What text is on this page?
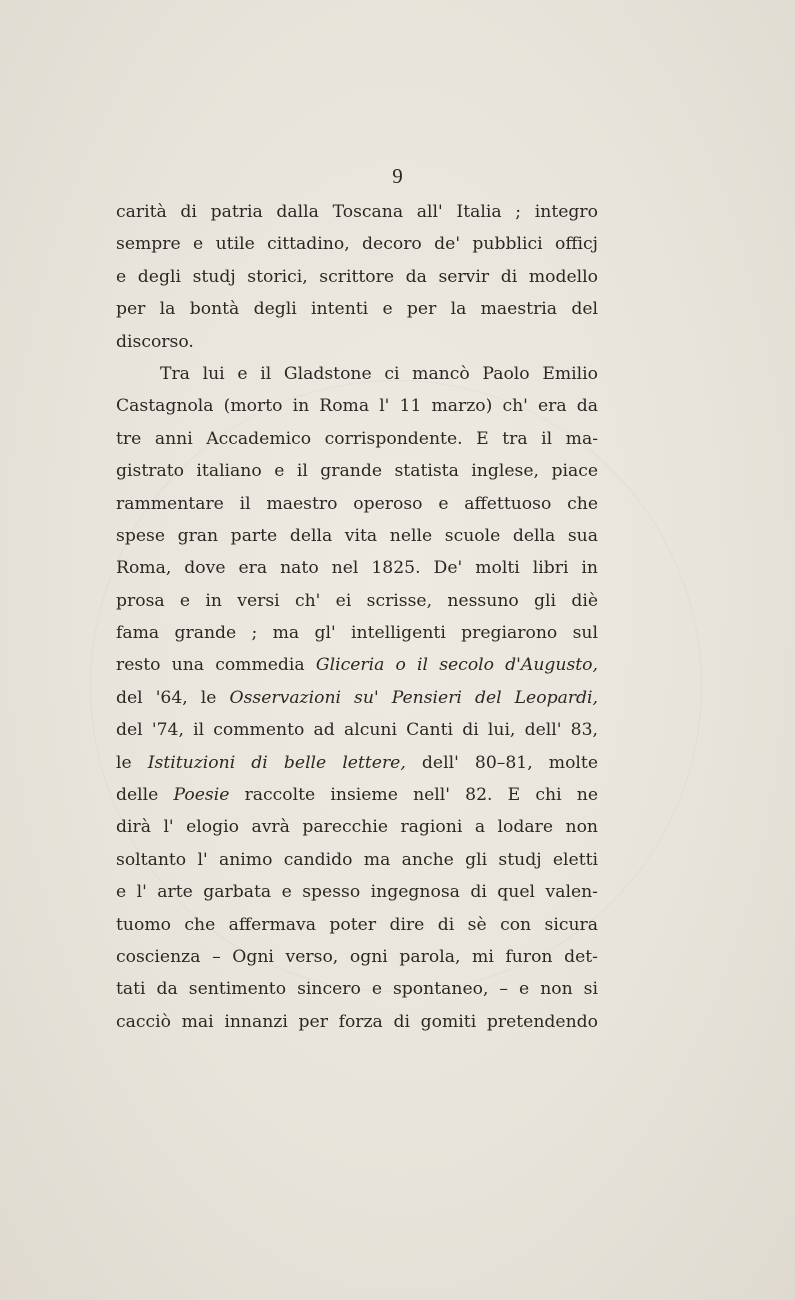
9
carità di patria dalla Toscana all' Italia ; integro
sempre e utile cittadino, decoro de' pubblici officj
e degli studj storici, scrittore da servir di modello
per la bontà degli intenti e per la maestria del
discorso.
Tra lui e il Gladstone ci mancò Paolo Emilio
Castagnola (morto in Roma l' 11 marzo) ch' era da
tre anni Accademico corrispondente. E tra il ma-
gistrato italiano e il grande statista inglese, piace
rammentare il maestro operoso e affettuoso che
spese gran parte della vita nelle scuole della sua
Roma, dove era nato nel 1825. De' molti libri in
prosa e in versi ch' ei scrisse, nessuno gli diè
fama grande ; ma gl' intelligenti pregiarono sul
resto una commedia Gliceria o il secolo d'Augusto,
del '64, le Osservazioni su' Pensieri del Leopardi,
del '74, il commento ad alcuni Canti di lui, dell' 83,
le Istituzioni di belle lettere, dell' 80–81, molte
delle Poesie raccolte insieme nell' 82. E chi ne
dirà l' elogio avrà parecchie ragioni a lodare non
soltanto l' animo candido ma anche gli studj eletti
e l' arte garbata e spesso ingegnosa di quel valen-
tuomo che affermava poter dire di sè con sicura
coscienza – Ogni verso, ogni parola, mi furon det-
tati da sentimento sincero e spontaneo, – e non si
cacciò mai innanzi per forza di gomiti pretendendo
